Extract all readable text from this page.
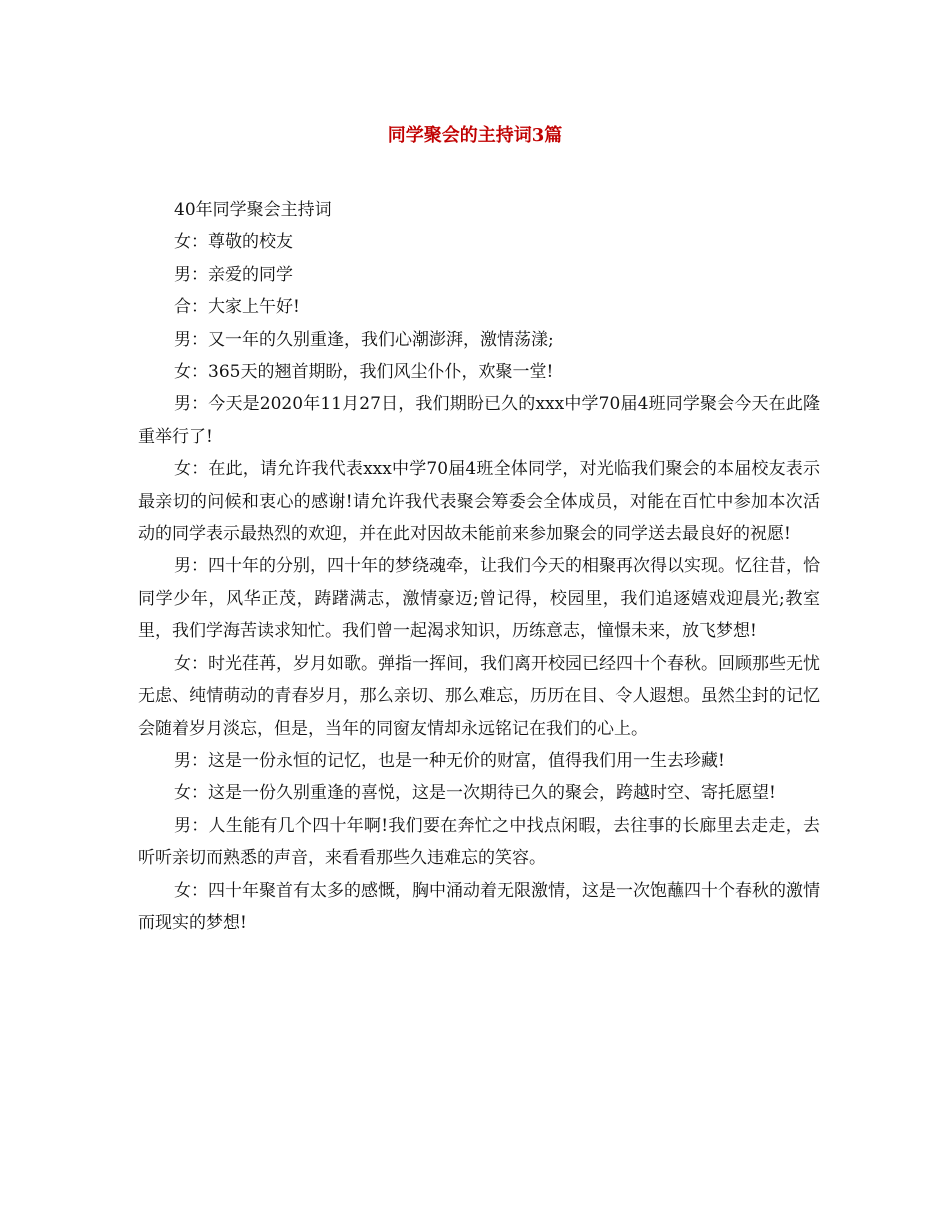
同学聚会的主持词3篇

40年同学聚会主持词

女：尊敬的校友

男：亲爱的同学

合：大家上午好!

男：又一年的久别重逢，我们心潮澎湃，激情荡漾;

女：365天的翘首期盼，我们风尘仆仆，欢聚一堂!

男：今天是2020年11月27日，我们期盼已久的xxx中学70届4班同学聚会今天在此隆重举行了!

女：在此，请允许我代表xxx中学70届4班全体同学，对光临我们聚会的本届校友表示最亲切的问候和衷心的感谢!请允许我代表聚会筹委会全体成员，对能在百忙中参加本次活动的同学表示最热烈的欢迎，并在此对因故未能前来参加聚会的同学送去最良好的祝愿!

男：四十年的分别，四十年的梦绕魂牵，让我们今天的相聚再次得以实现。忆往昔，恰同学少年，风华正茂，踌躇满志，激情豪迈;曾记得，校园里，我们追逐嬉戏迎晨光;教室里，我们学海苦读求知忙。我们曾一起渴求知识，历练意志，憧憬未来，放飞梦想!

女：时光荏苒，岁月如歌。弹指一挥间，我们离开校园已经四十个春秋。回顾那些无忧无虑、纯情萌动的青春岁月，那么亲切、那么难忘，历历在目、令人遐想。虽然尘封的记忆会随着岁月淡忘，但是，当年的同窗友情却永远铭记在我们的心上。

男：这是一份永恒的记忆，也是一种无价的财富，值得我们用一生去珍藏!

女：这是一份久别重逢的喜悦，这是一次期待已久的聚会，跨越时空、寄托愿望!

男：人生能有几个四十年啊!我们要在奔忙之中找点闲暇，去往事的长廊里去走走，去听听亲切而熟悉的声音，来看看那些久违难忘的笑容。

女：四十年聚首有太多的感慨，胸中涌动着无限激情，这是一次饱蘸四十个春秋的激情而现实的梦想!
